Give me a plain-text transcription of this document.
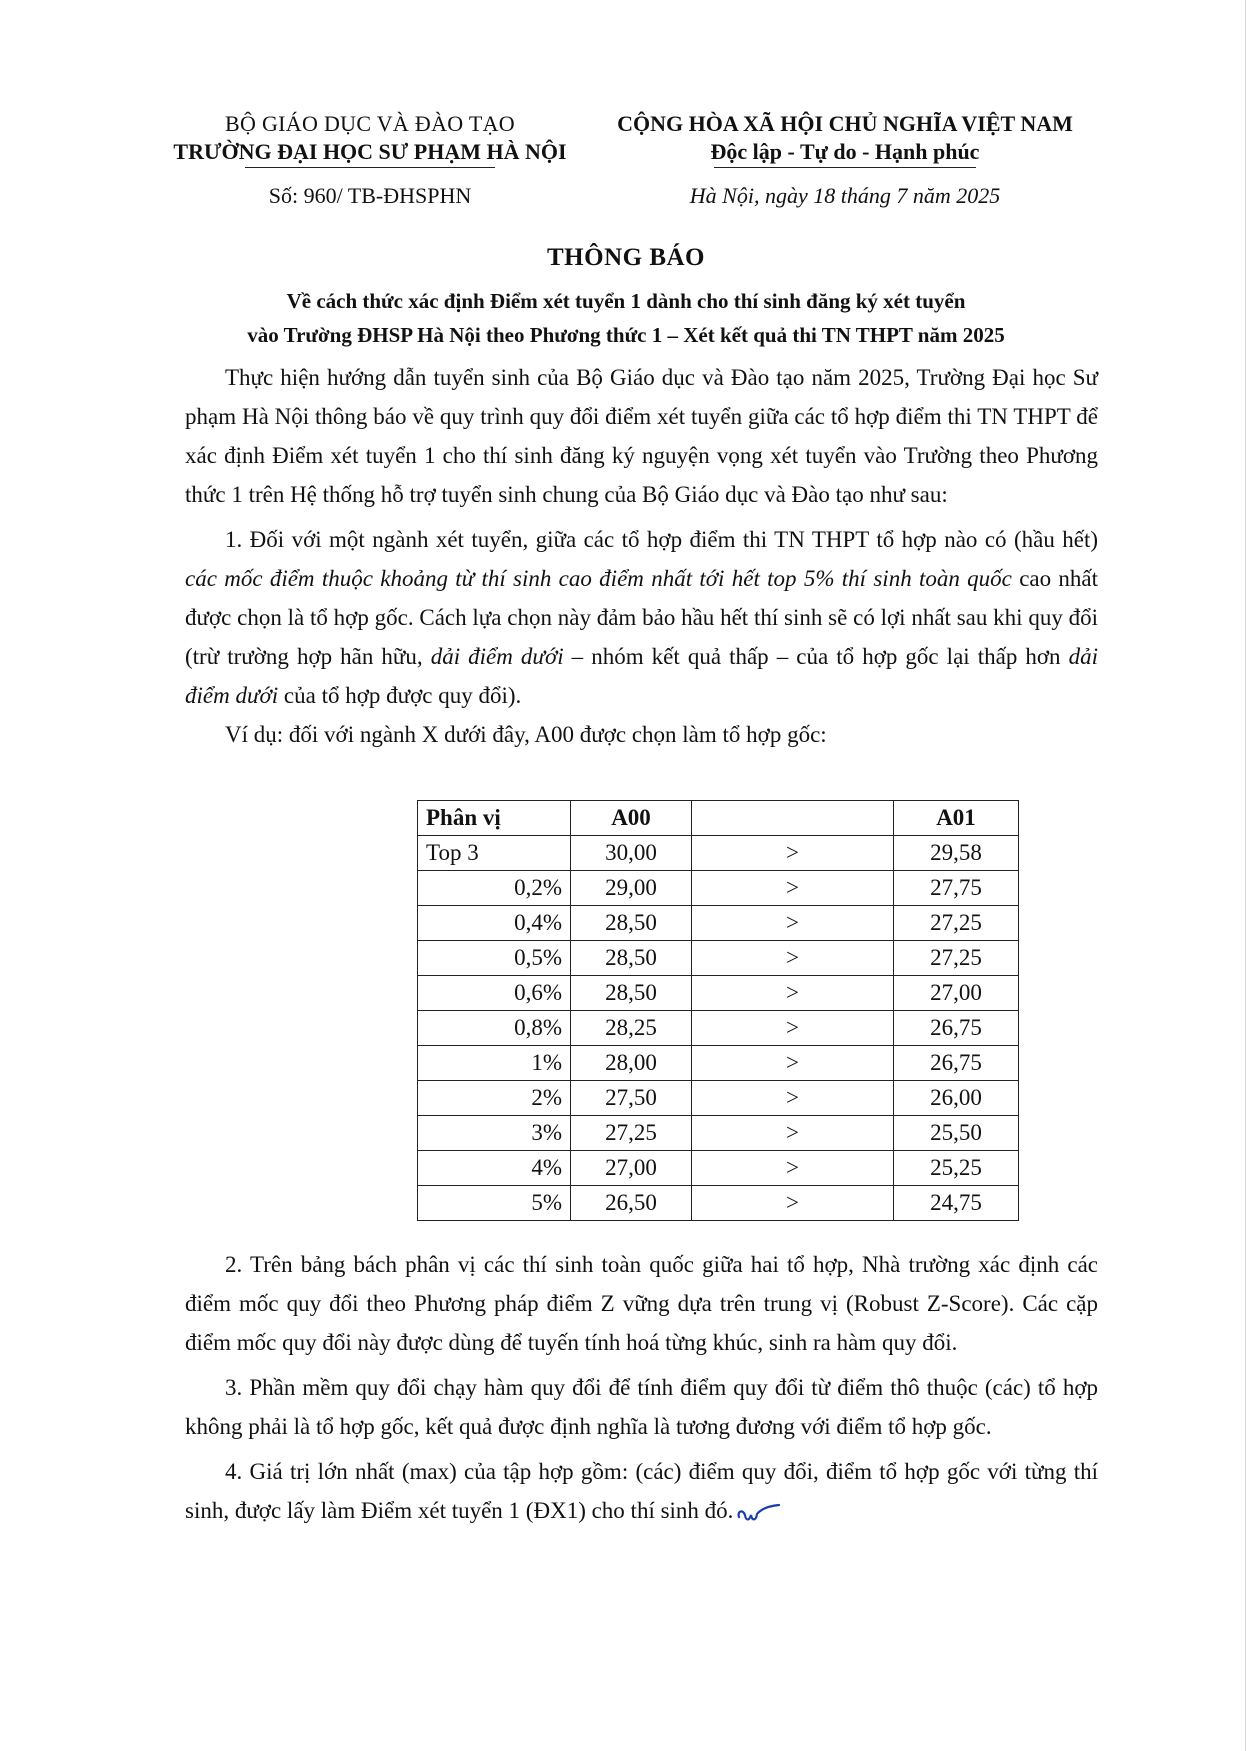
BỘ GIÁO DỤC VÀ ĐÀO TẠO
TRƯỜNG ĐẠI HỌC SƯ PHẠM HÀ NỘI
Số: 960/ TB-ĐHSPHN
CỘNG HÒA XÃ HỘI CHỦ NGHĨA VIỆT NAM
Độc lập - Tự do - Hạnh phúc
Hà Nội, ngày 18 tháng 7 năm 2025
THÔNG BÁO
Về cách thức xác định Điểm xét tuyển 1 dành cho thí sinh đăng ký xét tuyển
vào Trường ĐHSP Hà Nội theo Phương thức 1 – Xét kết quả thi TN THPT năm 2025

Thực hiện hướng dẫn tuyển sinh của Bộ Giáo dục và Đào tạo năm 2025, Trường Đại học Sư phạm Hà Nội thông báo về quy trình quy đổi điểm xét tuyển giữa các tổ hợp điểm thi TN THPT để xác định Điểm xét tuyển 1 cho thí sinh đăng ký nguyện vọng xét tuyển vào Trường theo Phương thức 1 trên Hệ thống hỗ trợ tuyển sinh chung của Bộ Giáo dục và Đào tạo như sau:

1. Đối với một ngành xét tuyển, giữa các tổ hợp điểm thi TN THPT tổ hợp nào có (hầu hết) các mốc điểm thuộc khoảng từ thí sinh cao điểm nhất tới hết top 5% thí sinh toàn quốc cao nhất được chọn là tổ hợp gốc. Cách lựa chọn này đảm bảo hầu hết thí sinh sẽ có lợi nhất sau khi quy đổi (trừ trường hợp hãn hữu, dải điểm dưới – nhóm kết quả thấp – của tổ hợp gốc lại thấp hơn dải điểm dưới của tổ hợp được quy đổi).

Ví dụ: đối với ngành X dưới đây, A00 được chọn làm tổ hợp gốc:

Phân vị	A00		A01
Top 3	30,00	>	29,58
0,2%	29,00	>	27,75
0,4%	28,50	>	27,25
0,5%	28,50	>	27,25
0,6%	28,50	>	27,00
0,8%	28,25	>	26,75
1%	28,00	>	26,75
2%	27,50	>	26,00
3%	27,25	>	25,50
4%	27,00	>	25,25
5%	26,50	>	24,75

2. Trên bảng bách phân vị các thí sinh toàn quốc giữa hai tổ hợp, Nhà trường xác định các điểm mốc quy đổi theo Phương pháp điểm Z vững dựa trên trung vị (Robust Z-Score). Các cặp điểm mốc quy đổi này được dùng để tuyến tính hoá từng khúc, sinh ra hàm quy đổi.

3. Phần mềm quy đổi chạy hàm quy đổi để tính điểm quy đổi từ điểm thô thuộc (các) tổ hợp không phải là tổ hợp gốc, kết quả được định nghĩa là tương đương với điểm tổ hợp gốc.

4. Giá trị lớn nhất (max) của tập hợp gồm: (các) điểm quy đổi, điểm tổ hợp gốc với từng thí sinh, được lấy làm Điểm xét tuyển 1 (ĐX1) cho thí sinh đó.
